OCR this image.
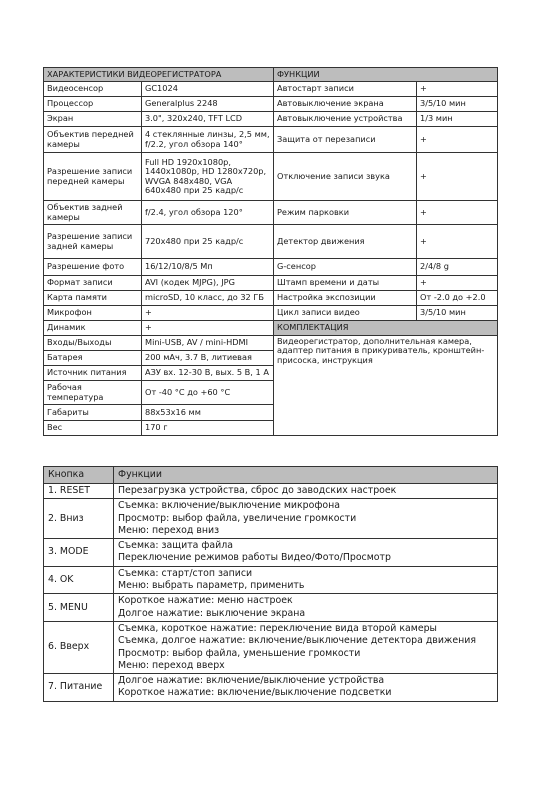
ХАРАКТЕРИСТИКИ ВИДЕОРЕГИСТРАТОРА		ФУНКЦИИ	
Видеосенсор	GC1024	Автостарт записи	+
Процессор	Generalplus 2248	Автовыключение экрана	3/5/10 мин
Экран	3.0", 320x240, TFT LCD	Автовыключение устройства	1/3 мин
Объектив передней камеры	4 стеклянные линзы, 2,5 мм, f/2.2, угол обзора 140°	Защита от перезаписи	+
Разрешение записи передней камеры	Full HD 1920x1080p, 1440x1080p, HD 1280x720p, WVGA 848x480, VGA 640x480 при 25 кадр/с	Отключение записи звука	+
Объектив задней камеры	f/2.4, угол обзора 120°	Режим парковки	+
Разрешение записи задней камеры	720x480 при 25 кадр/с	Детектор движения	+
Разрешение фото	16/12/10/8/5 Мп	G-сенсор	2/4/8 g
Формат записи	AVI (кодек MJPG), JPG	Штамп времени и даты	+
Карта памяти	microSD, 10 класс, до 32 ГБ	Настройка экспозиции	От -2.0 до +2.0
Микрофон	+	Цикл записи видео	3/5/10 мин
Динамик	+	КОМПЛЕКТАЦИЯ	
Входы/Выходы	Mini-USB, AV / mini-HDMI	Видеорегистратор, дополнительная камера, адаптер питания в прикуриватель, кронштейн-присоска, инструкция	
Батарея	200 мАч, 3.7 В, литиевая		
Источник питания	АЗУ вх. 12-30 В, вых. 5 В, 1 А		
Рабочая температура	От -40 °С до +60 °С		
Габариты	88x53x16 мм		
Вес	170 г		
Кнопка	Функции
1. RESET	Перезагрузка устройства, сброс до заводских настроек

2. Вниз	Съемка: включение/выключение микрофона
Просмотр: выбор файла, увеличение громкости
Меню: переход вниз

3. MODE	Съемка: защита файла
Переключение режимов работы Видео/Фото/Просмотр

4. OK	Съемка: старт/стоп записи
Меню: выбрать параметр, применить

5. MENU	Короткое нажатие: меню настроек
Долгое нажатие: выключение экрана

6. Вверх	Съемка, короткое нажатие: переключение вида второй камеры
Съемка, долгое нажатие: включение/выключение детектора движения
Просмотр: выбор файла, уменьшение громкости
Меню: переход вверх

7. Питание	Долгое нажатие: включение/выключение устройства
Короткое нажатие: включение/выключение подсветки
